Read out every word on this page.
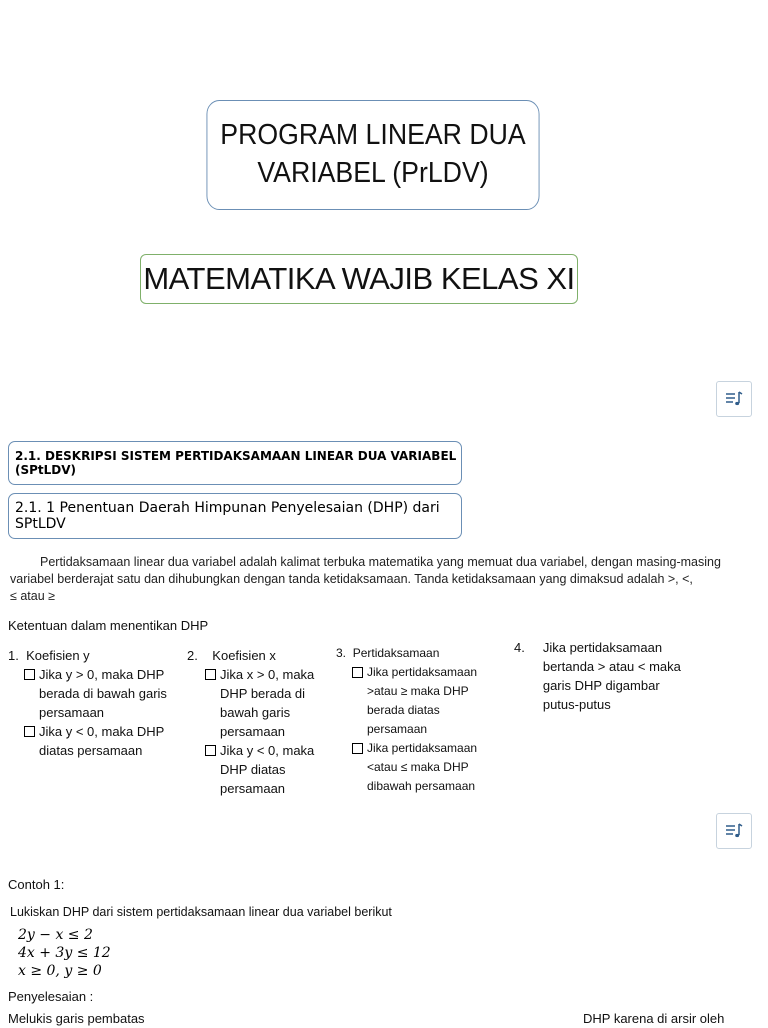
PROGRAM LINEAR DUA
VARIABEL (PrLDV)
MATEMATIKA WAJIB KELAS XI
2.1. DESKRIPSI SISTEM PERTIDAKSAMAAN LINEAR DUA VARIABEL (SPtLDV)
2.1. 1 Penentuan Daerah Himpunan Penyelesaian (DHP) dari SPtLDV
Pertidaksamaan linear dua variabel adalah kalimat terbuka matematika yang memuat dua variabel, dengan masing-masing
variabel berderajat satu dan dihubungkan dengan tanda ketidaksamaan. Tanda ketidaksamaan yang dimaksud adalah >, <,
≤ atau ≥
Ketentuan dalam menentikan DHP
1. Koefisien y
Jika y > 0, maka DHP berada di bawah garis persamaan
Jika y < 0, maka DHP diatas persamaan
2. Koefisien x
Jika x > 0, maka DHP berada di bawah garis persamaan
Jika y < 0, maka DHP diatas persamaan
3. Pertidaksamaan
Jika pertidaksamaan >atau ≥ maka DHP berada diatas persamaan
Jika pertidaksamaan <atau ≤ maka DHP dibawah persamaan
4. Jika pertidaksamaan bertanda > atau < maka garis DHP digambar putus-putus
Contoh 1:
Lukiskan DHP dari sistem pertidaksamaan linear dua variabel berikut
2y − x ≤ 2
4x + 3y ≤ 12
x ≥ 0, y ≥ 0
Penyelesaian :
Melukis garis pembatas	DHP karena di arsir oleh
